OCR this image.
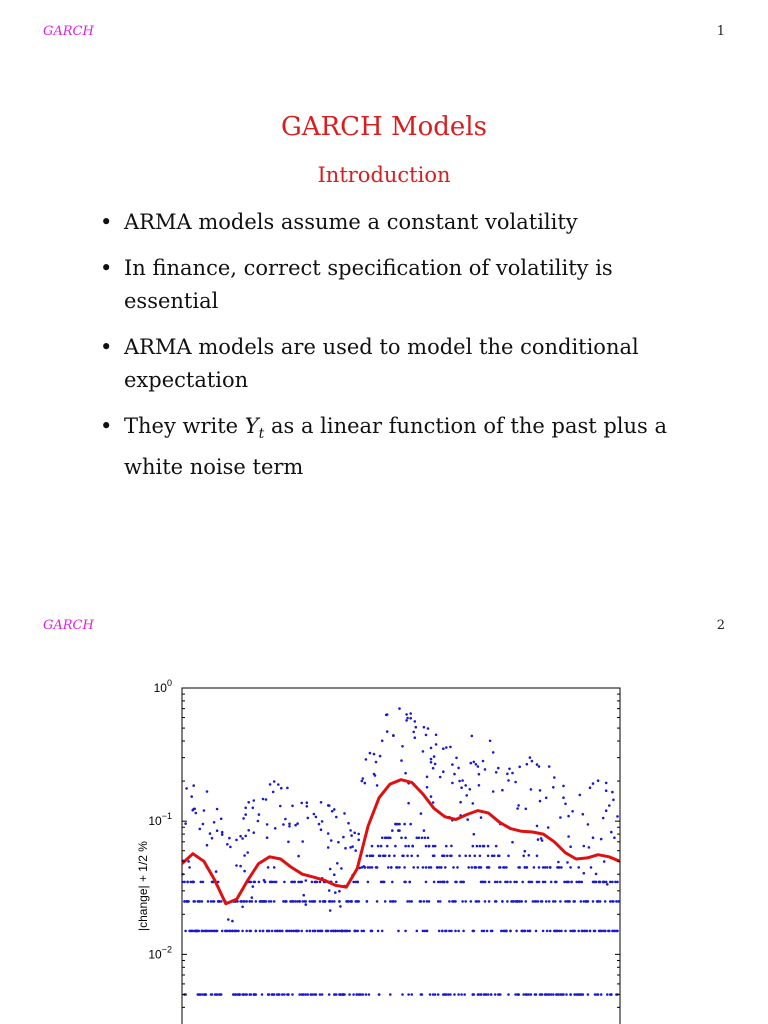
GARCH	1
GARCH Models
Introduction
• ARMA models assume a constant volatility
• In finance, correct specification of volatility is essential
• ARMA models are used to model the conditional expectation
• They write $Y_t$ as a linear function of the past plus a white noise term
GARCH	2
$10^0$
$10^{-1}$
$10^{-2}$
|change| + 1/2 %
